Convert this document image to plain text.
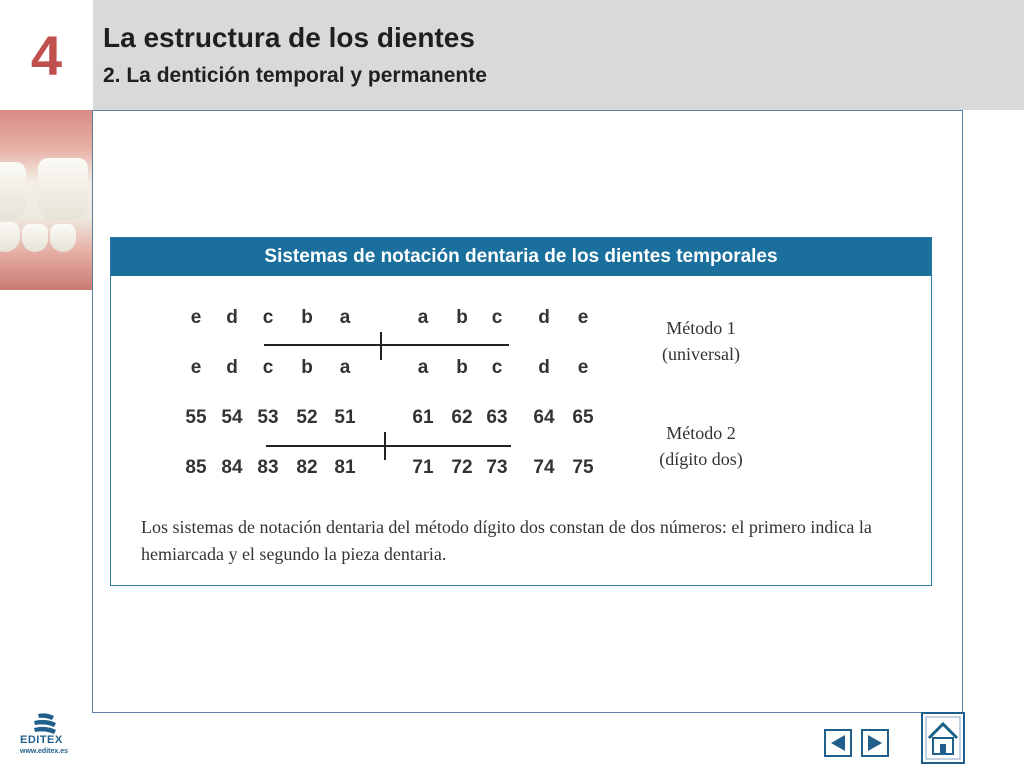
4	La estructura de los dientes
2. La dentición temporal y permanente
Sistemas de notación dentaria de los dientes temporales
e	d	c	b	a	a	b	c	d	e
e	d	c	b	a	a	b	c	d	e
Método 1
(universal)
55 54 53 52 51	61 62 63	64 65
85 84 83 82 81	71 72 73	74 75
Método 2
(dígito dos)
Los sistemas de notación dentaria del método dígito dos constan de dos números: el primero indica la hemiarcada y el segundo la pieza dentaria.
EDITEX
www.editex.es
